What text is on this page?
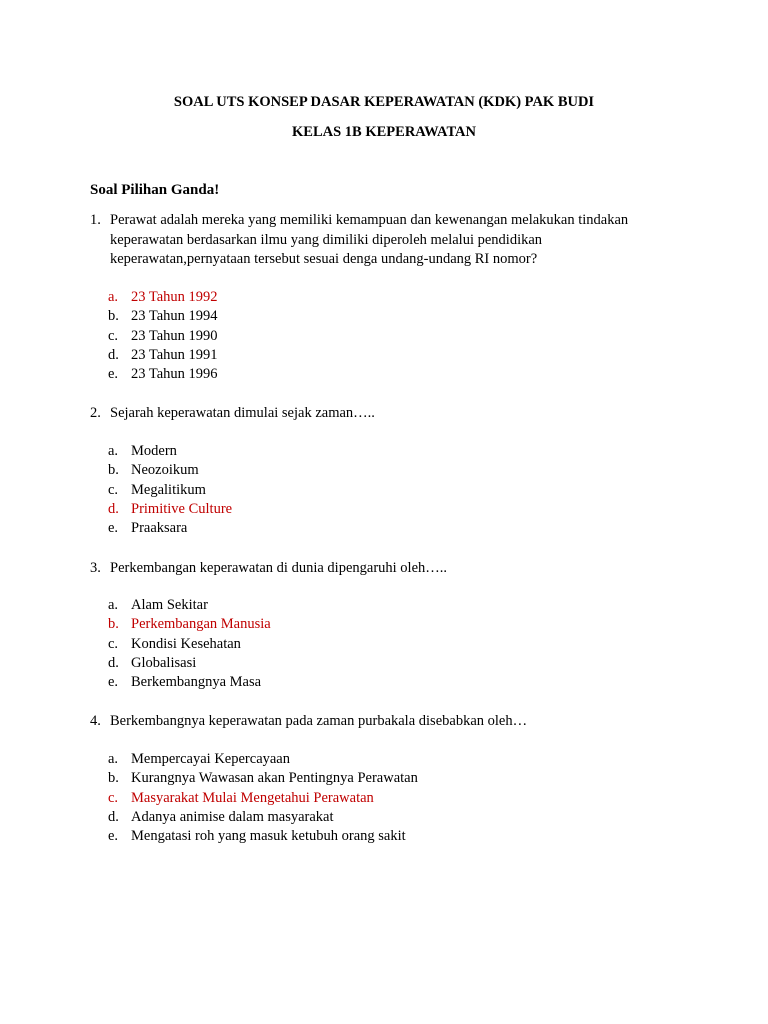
SOAL UTS KONSEP DASAR KEPERAWATAN (KDK) PAK BUDI
KELAS 1B KEPERAWATAN
Soal Pilihan Ganda!
1. Perawat adalah mereka yang memiliki kemampuan dan kewenangan melakukan tindakan keperawatan berdasarkan ilmu yang dimiliki diperoleh melalui pendidikan keperawatan,pernyataan tersebut sesuai denga undang-undang RI nomor?
a. 23 Tahun 1992
b. 23 Tahun 1994
c. 23 Tahun 1990
d. 23 Tahun 1991
e. 23 Tahun 1996
2. Sejarah keperawatan dimulai sejak zaman…..
a. Modern
b. Neozoikum
c. Megalitikum
d. Primitive Culture
e. Praaksara
3. Perkembangan keperawatan di dunia dipengaruhi oleh…..
a. Alam Sekitar
b. Perkembangan Manusia
c. Kondisi Kesehatan
d. Globalisasi
e. Berkembangnya Masa
4. Berkembangnya keperawatan pada zaman purbakala disebabkan oleh…
a. Mempercayai Kepercayaan
b. Kurangnya Wawasan akan Pentingnya Perawatan
c. Masyarakat Mulai Mengetahui Perawatan
d. Adanya animise dalam masyarakat
e. Mengatasi roh yang masuk ketubuh orang sakit
